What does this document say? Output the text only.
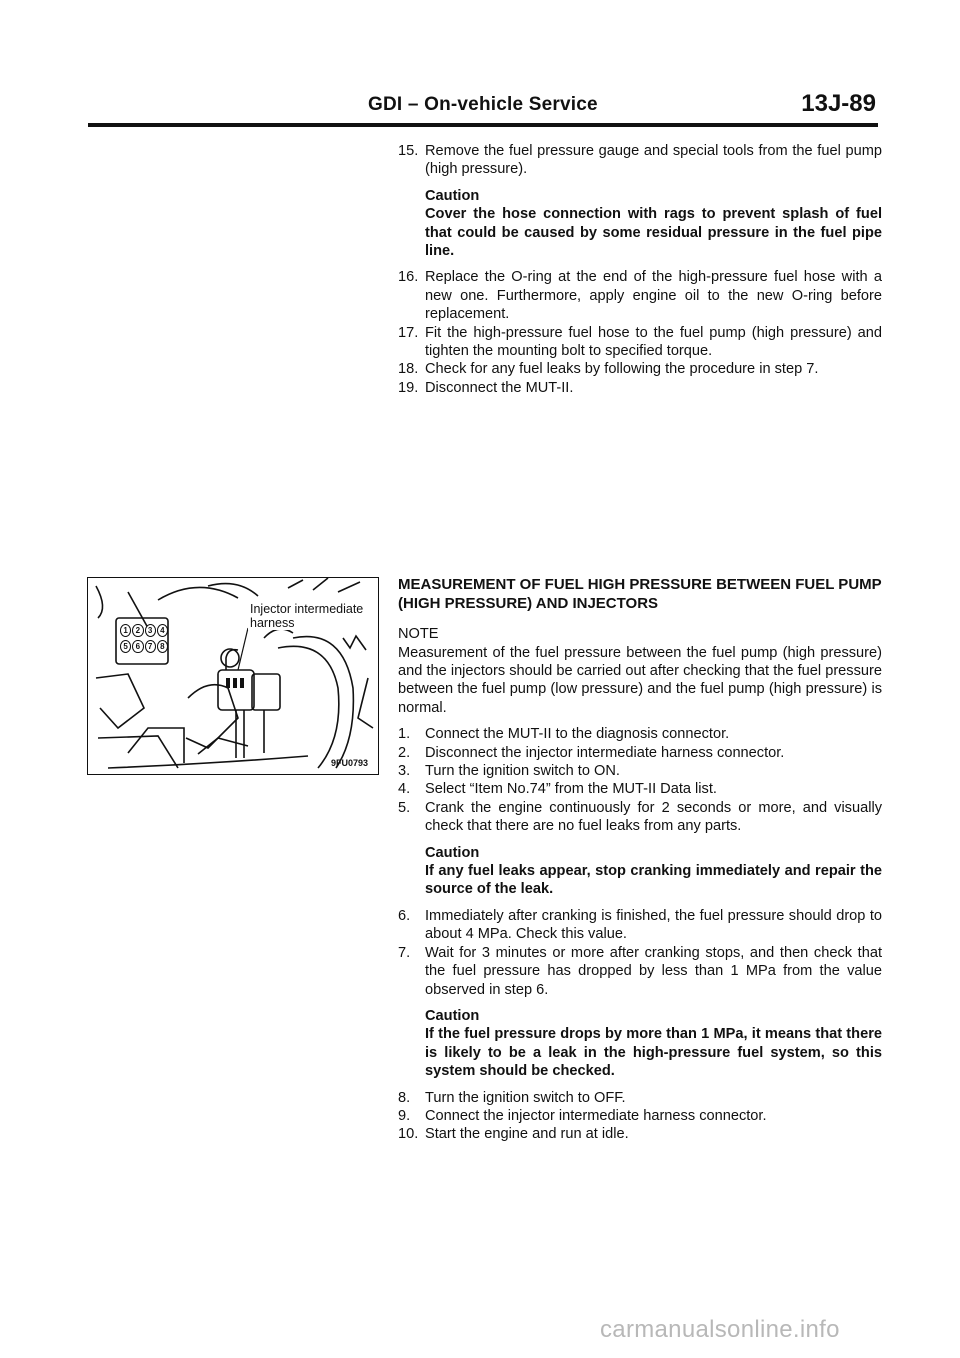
GDI – On-vehicle Service	13J-89
15. Remove the fuel pressure gauge and special tools from the fuel pump (high pressure).
Caution
Cover the hose connection with rags to prevent splash of fuel that could be caused by some residual pressure in the fuel pipe line.
16. Replace the O-ring at the end of the high-pressure fuel hose with a new one. Furthermore, apply engine oil to the new O-ring before replacement.
17. Fit the high-pressure fuel hose to the fuel pump (high pressure) and tighten the mounting bolt to specified torque.
18. Check for any fuel leaks by following the procedure in step 7.
19. Disconnect the MUT-II.
1 2 3 4
5 6 7 8
Injector intermediate
harness
9FU0793
MEASUREMENT OF FUEL HIGH PRESSURE BETWEEN FUEL PUMP (HIGH PRESSURE) AND INJECTORS
NOTE
Measurement of the fuel pressure between the fuel pump (high pressure) and the injectors should be carried out after checking that the fuel pressure between the fuel pump (low pressure) and the fuel pump (high pressure) is normal.
1.	Connect the MUT-II to the diagnosis connector.
2.	Disconnect the injector intermediate harness connector.
3.	Turn the ignition switch to ON.
4.	Select “Item No.74” from the MUT-II Data list.
5.	Crank the engine continuously for 2 seconds or more, and visually check that there are no fuel leaks from any parts.
Caution
If any fuel leaks appear, stop cranking immediately and repair the source of the leak.
6.	Immediately after cranking is finished, the fuel pressure should drop to about 4 MPa. Check this value.
7.	Wait for 3 minutes or more after cranking stops, and then check that the fuel pressure has dropped by less than 1 MPa from the value observed in step 6.
Caution
If the fuel pressure drops by more than 1 MPa, it means that there is likely to be a leak in the high-pressure fuel system, so this system should be checked.
8.	Turn the ignition switch to OFF.
9.	Connect the injector intermediate harness connector.
10. Start the engine and run at idle.
carmanualsonline.info
